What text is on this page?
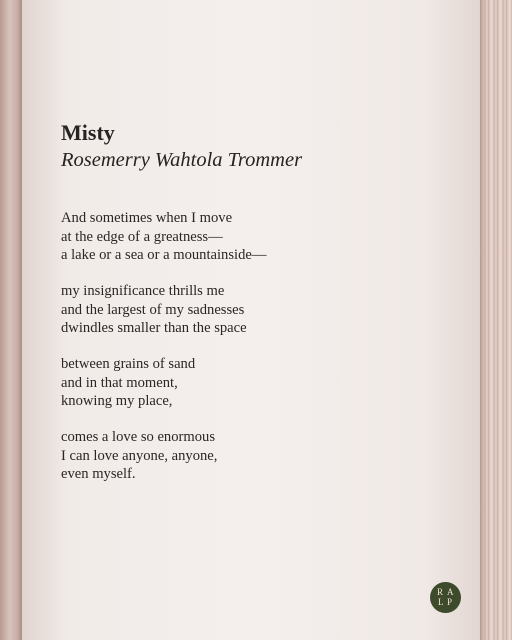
Misty
Rosemerry Wahtola Trommer
And sometimes when I move
at the edge of a greatness—
a lake or a sea or a mountainside—
my insignificance thrills me
and the largest of my sadnesses
dwindles smaller than the space
between grains of sand
and in that moment,
knowing my place,
comes a love so enormous
I can love anyone, anyone,
even myself.
R A
L P
